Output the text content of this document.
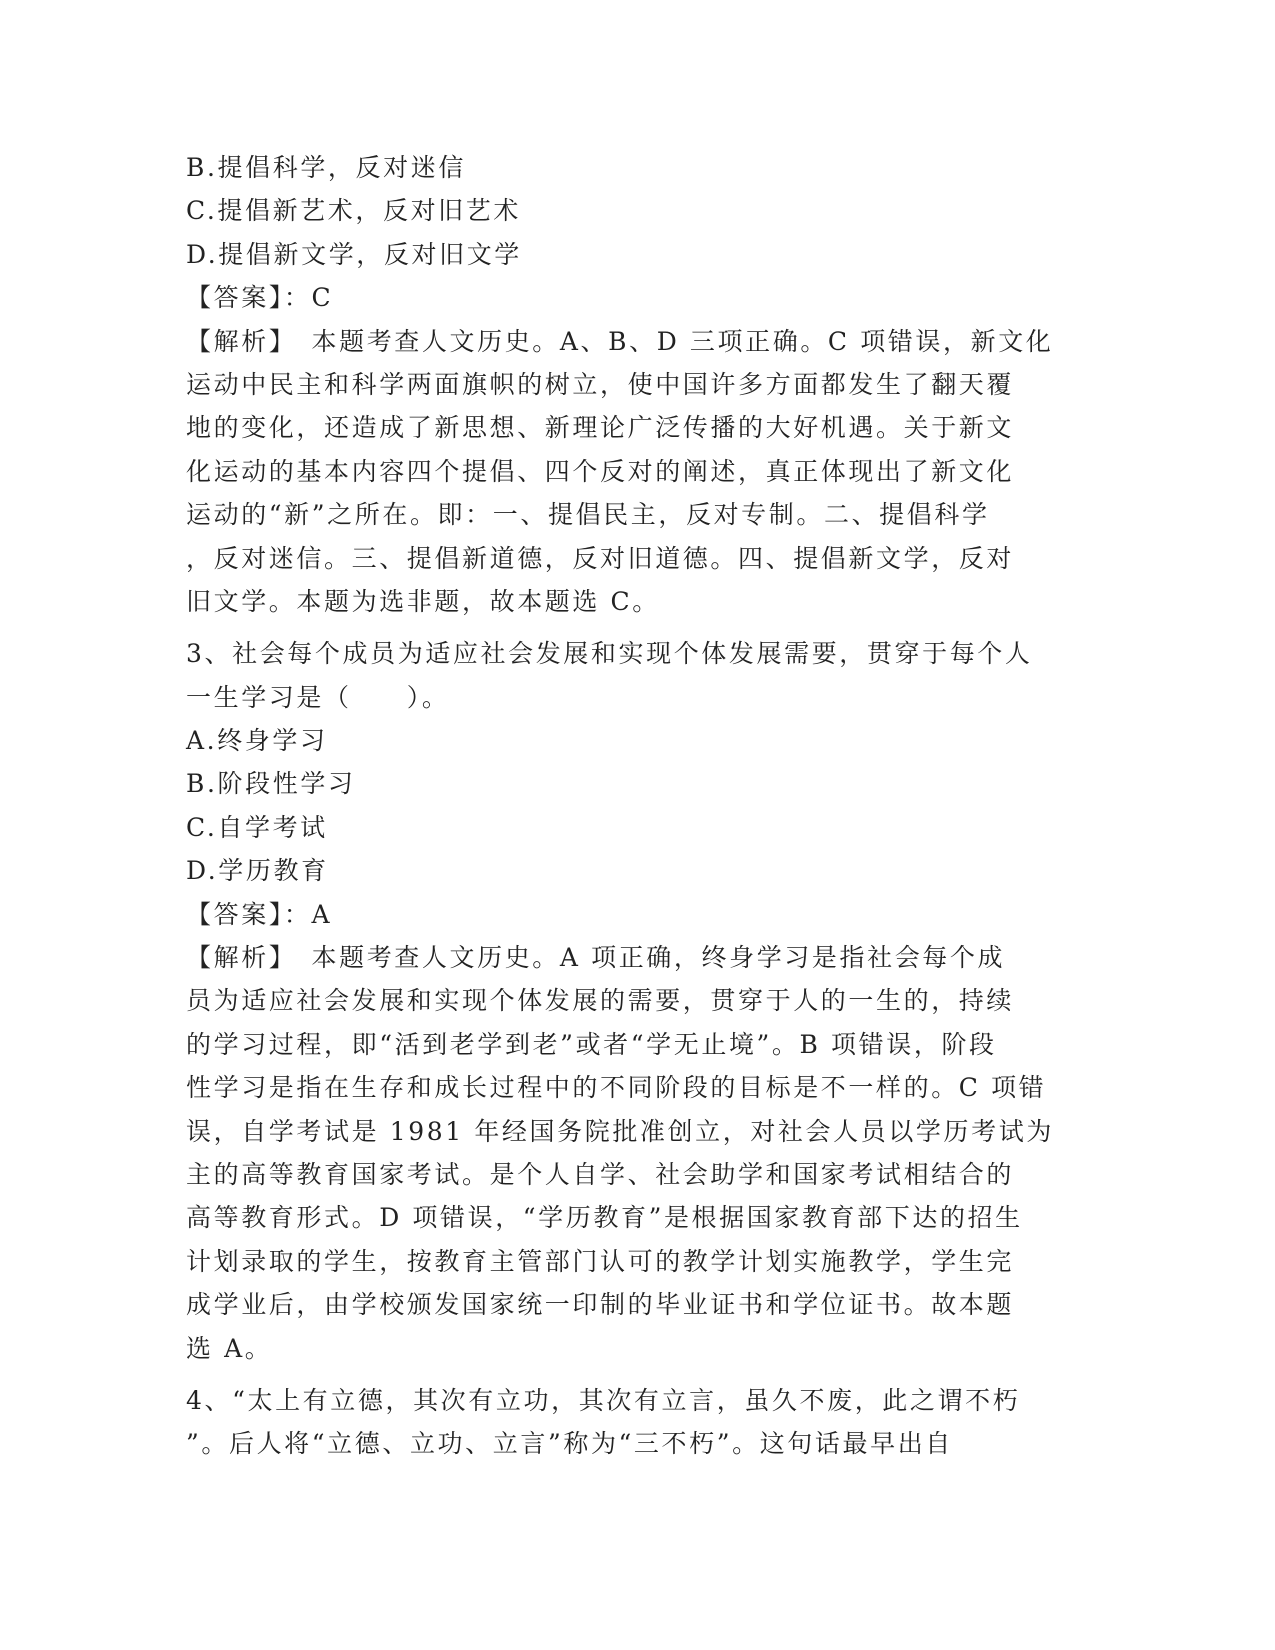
B.提倡科学，反对迷信
C.提倡新艺术，反对旧艺术
D.提倡新文学，反对旧文学
【答案】：C
【解析】　本题考查人文历史。A、B、D 三项正确。C 项错误，新文化
运动中民主和科学两面旗帜的树立，使中国许多方面都发生了翻天覆
地的变化，还造成了新思想、新理论广泛传播的大好机遇。关于新文
化运动的基本内容四个提倡、四个反对的阐述，真正体现出了新文化
运动的“新”之所在。即：一、提倡民主，反对专制。二、提倡科学
，反对迷信。三、提倡新道德，反对旧道德。四、提倡新文学，反对
旧文学。本题为选非题，故本题选 C。
3、社会每个成员为适应社会发展和实现个体发展需要，贯穿于每个人
一生学习是（　　）。
A.终身学习
B.阶段性学习
C.自学考试
D.学历教育
【答案】：A
【解析】　本题考查人文历史。A 项正确，终身学习是指社会每个成
员为适应社会发展和实现个体发展的需要，贯穿于人的一生的，持续
的学习过程，即“活到老学到老”或者“学无止境”。B 项错误，阶段
性学习是指在生存和成长过程中的不同阶段的目标是不一样的。C 项错
误，自学考试是 1981 年经国务院批准创立，对社会人员以学历考试为
主的高等教育国家考试。是个人自学、社会助学和国家考试相结合的
高等教育形式。D 项错误，“学历教育”是根据国家教育部下达的招生
计划录取的学生，按教育主管部门认可的教学计划实施教学，学生完
成学业后，由学校颁发国家统一印制的毕业证书和学位证书。故本题
选 A。
4、“太上有立德，其次有立功，其次有立言，虽久不废，此之谓不朽
”。后人将“立德、立功、立言”称为“三不朽”。这句话最早出自
